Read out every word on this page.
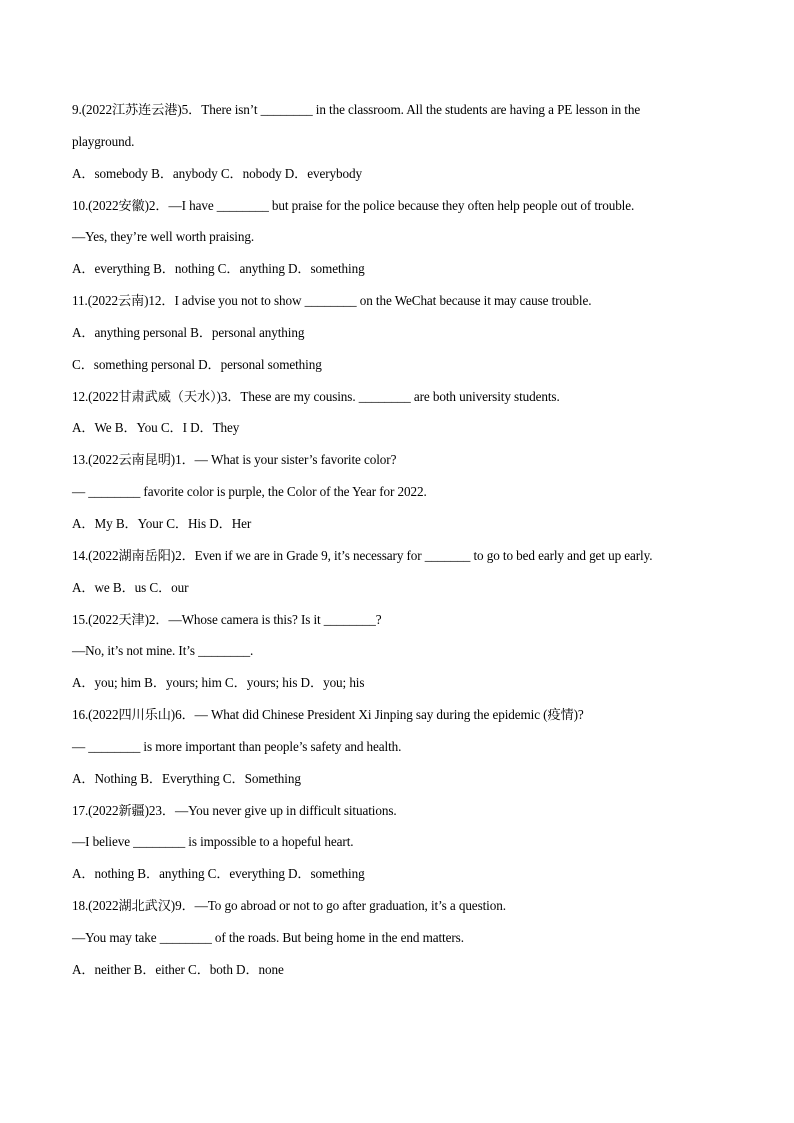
9.(2022江苏连云港)5．There isn’t ________ in the classroom. All the students are having a PE lesson in the
playground.
A．somebody B．anybody C．nobody D．everybody
10.(2022安徽)2．—I have ________ but praise for the police because they often help people out of trouble.
—Yes, they’re well worth praising.
A．everything B．nothing C．anything D．something
11.(2022云南)12．I advise you not to show ________ on the WeChat because it may cause trouble.
A．anything personal B．personal anything
C．something personal D．personal something
12.(2022甘肃武威（天水）)3．These are my cousins. ________ are both university students.
A．We B．You C．I D．They
13.(2022云南昆明)1．— What is your sister’s favorite color?
— ________ favorite color is purple, the Color of the Year for 2022.
A．My B．Your C．His D．Her
14.(2022湖南岳阳)2．Even if we are in Grade 9, it’s necessary for _______ to go to bed early and get up early.
A．we B．us C．our
15.(2022天津)2．—Whose camera is this? Is it ________?
—No, it’s not mine. It’s ________.
A．you; him B．yours; him C．yours; his D．you; his
16.(2022四川乐山)6．— What did Chinese President Xi Jinping say during the epidemic (疫情)?
— ________ is more important than people’s safety and health.
A．Nothing B．Everything C．Something
17.(2022新疆)23．—You never give up in difficult situations.
—I believe ________ is impossible to a hopeful heart.
A．nothing B．anything C．everything D．something
18.(2022湖北武汉)9．—To go abroad or not to go after graduation, it’s a question.
—You may take ________ of the roads. But being home in the end matters.
A．neither B．either C．both D．none
